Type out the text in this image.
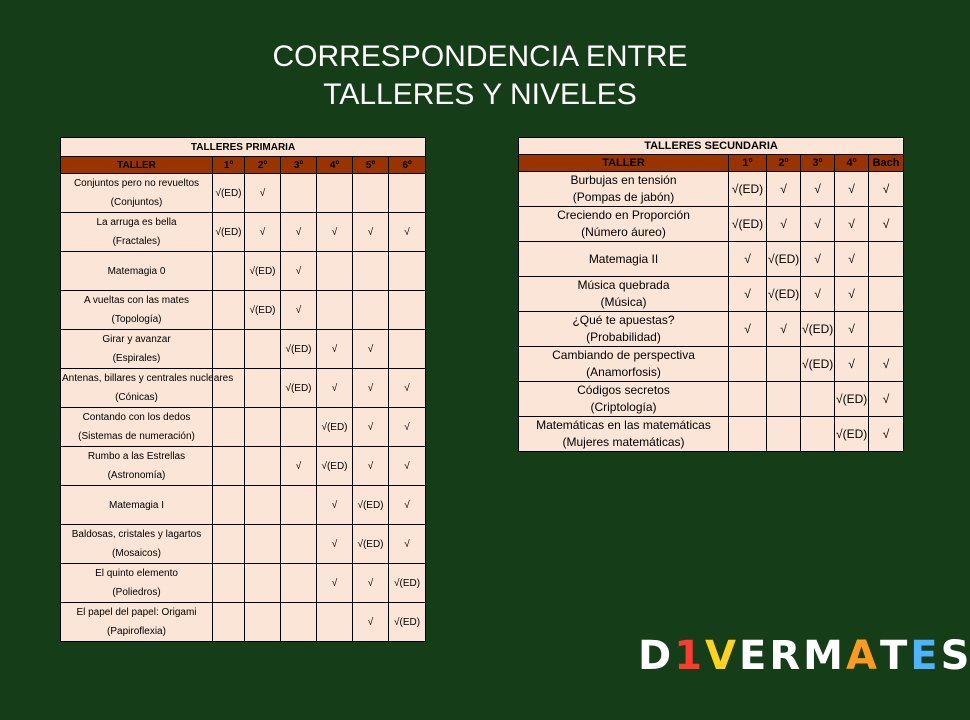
CORRESPONDENCIA ENTRE
TALLERES Y NIVELES
TALLERES PRIMARIA						
TALLER	1º	2º	3º	4º	5º	6º

Conjuntos pero no revueltos
(Conjuntos)	√(ED)	√				

La arruga es bella
(Fractales)	√(ED)	√	√	√	√	√

Matemagia 0		√(ED)	√			

A vueltas con las mates
(Topología)		√(ED)	√			

Girar y avanzar
(Espirales)			√(ED)	√	√	

Antenas, billares y centrales nucleares
(Cónicas)			√(ED)	√	√	√

Contando con los dedos
(Sistemas de numeración)				√(ED)	√	√

Rumbo a las Estrellas
(Astronomía)			√	√(ED)	√	√

Matemagia I				√	√(ED)	√

Baldosas, cristales y lagartos
(Mosaicos)				√	√(ED)	√

El quinto elemento
(Poliedros)				√	√	√(ED)

El papel del papel: Origami
(Papiroflexia)					√	√(ED)
TALLERES SECUNDARIA					
TALLER	1º	2º	3º	4º	Bach

Burbujas en tensión
(Pompas de jabón)	√(ED)	√	√	√	√

Creciendo en Proporción
(Número áureo)	√(ED)	√	√	√	√

Matemagia II	√	√(ED)	√	√	

Música quebrada
(Música)	√	√(ED)	√	√	

¿Qué te apuestas?
(Probabilidad)	√	√	√(ED)	√	

Cambiando de perspectiva
(Anamorfosis)			√(ED)	√	√

Códigos secretos
(Criptología)				√(ED)	√

Matemáticas en las matemáticas
(Mujeres matemáticas)				√(ED)	√
D 1 V E R M A T E S
